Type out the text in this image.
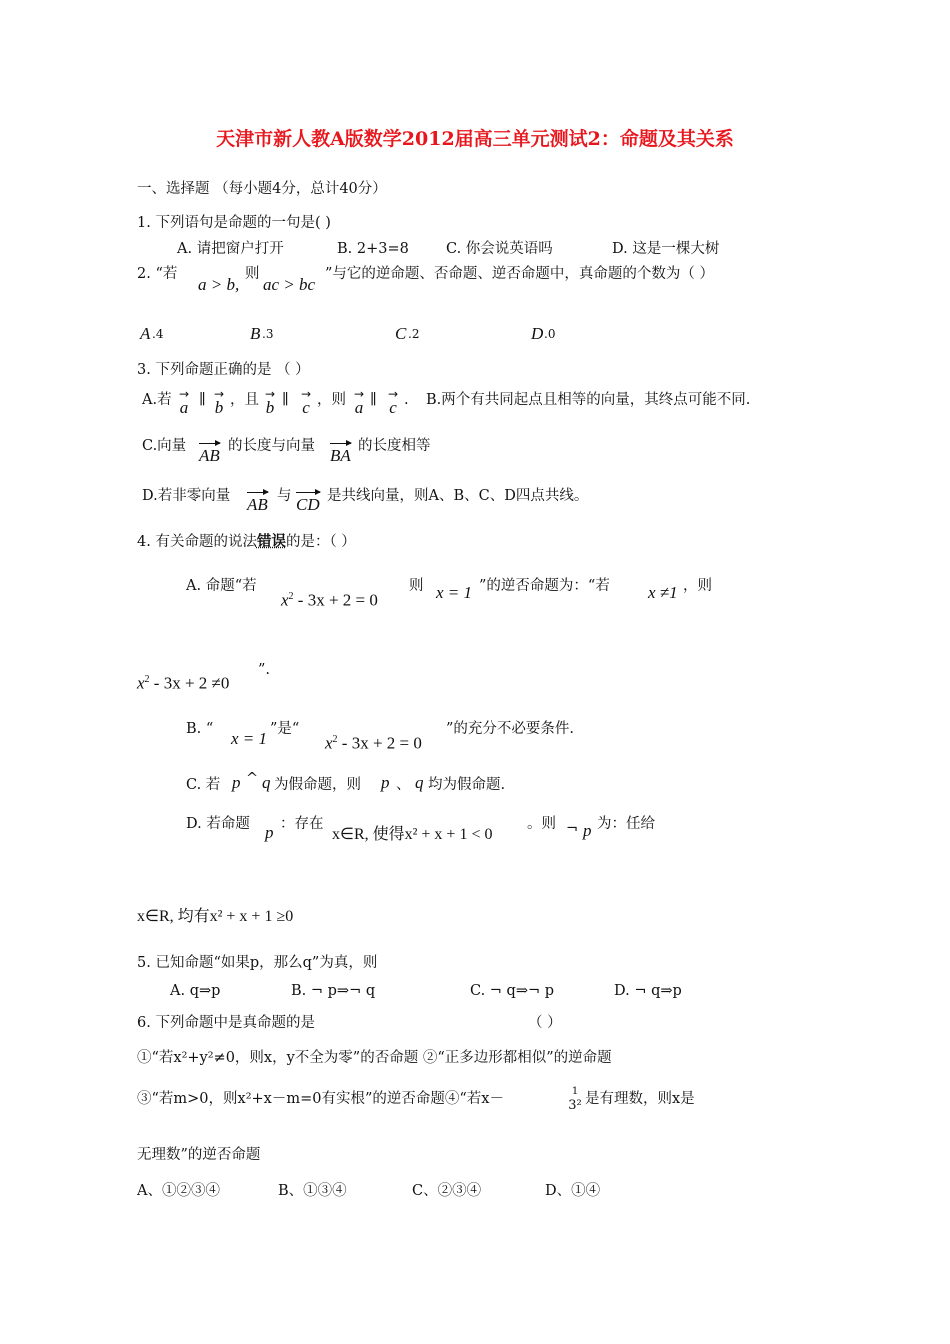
天津市新人教A版数学2012届高三单元测试2：命题及其关系
一、选择题 （每小题4分，总计40分）
1. 下列语句是命题的一句是( )
A. 请把窗户打开	B. 2+3=8	C. 你会说英语吗	D. 这是一棵大树
2. “若	则	”与它的逆命题、否命题、逆否命题中，真命题的个数为（ ）
a > b, ac > bc
A .4	B .3	C .2	D .0
3. 下列命题正确的是 （ ）
A.若 →
a ∥ →
b ，且 →
b ∥ →
c ，则 →
a ∥ →
c . B.两个有共同起点且相等的向量，其终点可能不同.
C.向量 AB 的长度与向量 BA 的长度相等
D.若非零向量 AB 与 CD 是共线向量，则A、B、C、D四点共线。
4. 有关命题的说法错误的是：（ ）
A. 命题“若
$x^2 - 3x + 2 = 0$
则 x = 1 ”的逆否命题为：“若 x ≠1 ，则
$x^2 - 3x + 2 \ne 0$
”.
B. “ x = 1 ”是“
$x^2 - 3x + 2 = 0$
”的充分不必要条件.
C. 若 p ^ q 为假命题，则 p 、 q 均为假命题.
D. 若命题 p ：存在
x∈R, 使得x² + x + 1 < 0
。则 ¬ p 为：任给
x∈R, 均有x² + x + 1 ≥0
5. 已知命题“如果p，那么q”为真，则
A. q⇒p	B. ¬ p⇒¬ q	C. ¬ q⇒¬ p	D. ¬ q⇒p
6. 下列命题中是真命题的是	（ ）
①“若x²+y²≠0，则x，y不全为零”的否命题 ②“正多边形都相似”的逆命题
③“若m>0，则x²+x－m=0有实根”的逆否命题④“若x－	1
3² 是有理数，则x是
无理数”的逆否命题
A、①②③④	B、①③④	C、②③④	D、①④
